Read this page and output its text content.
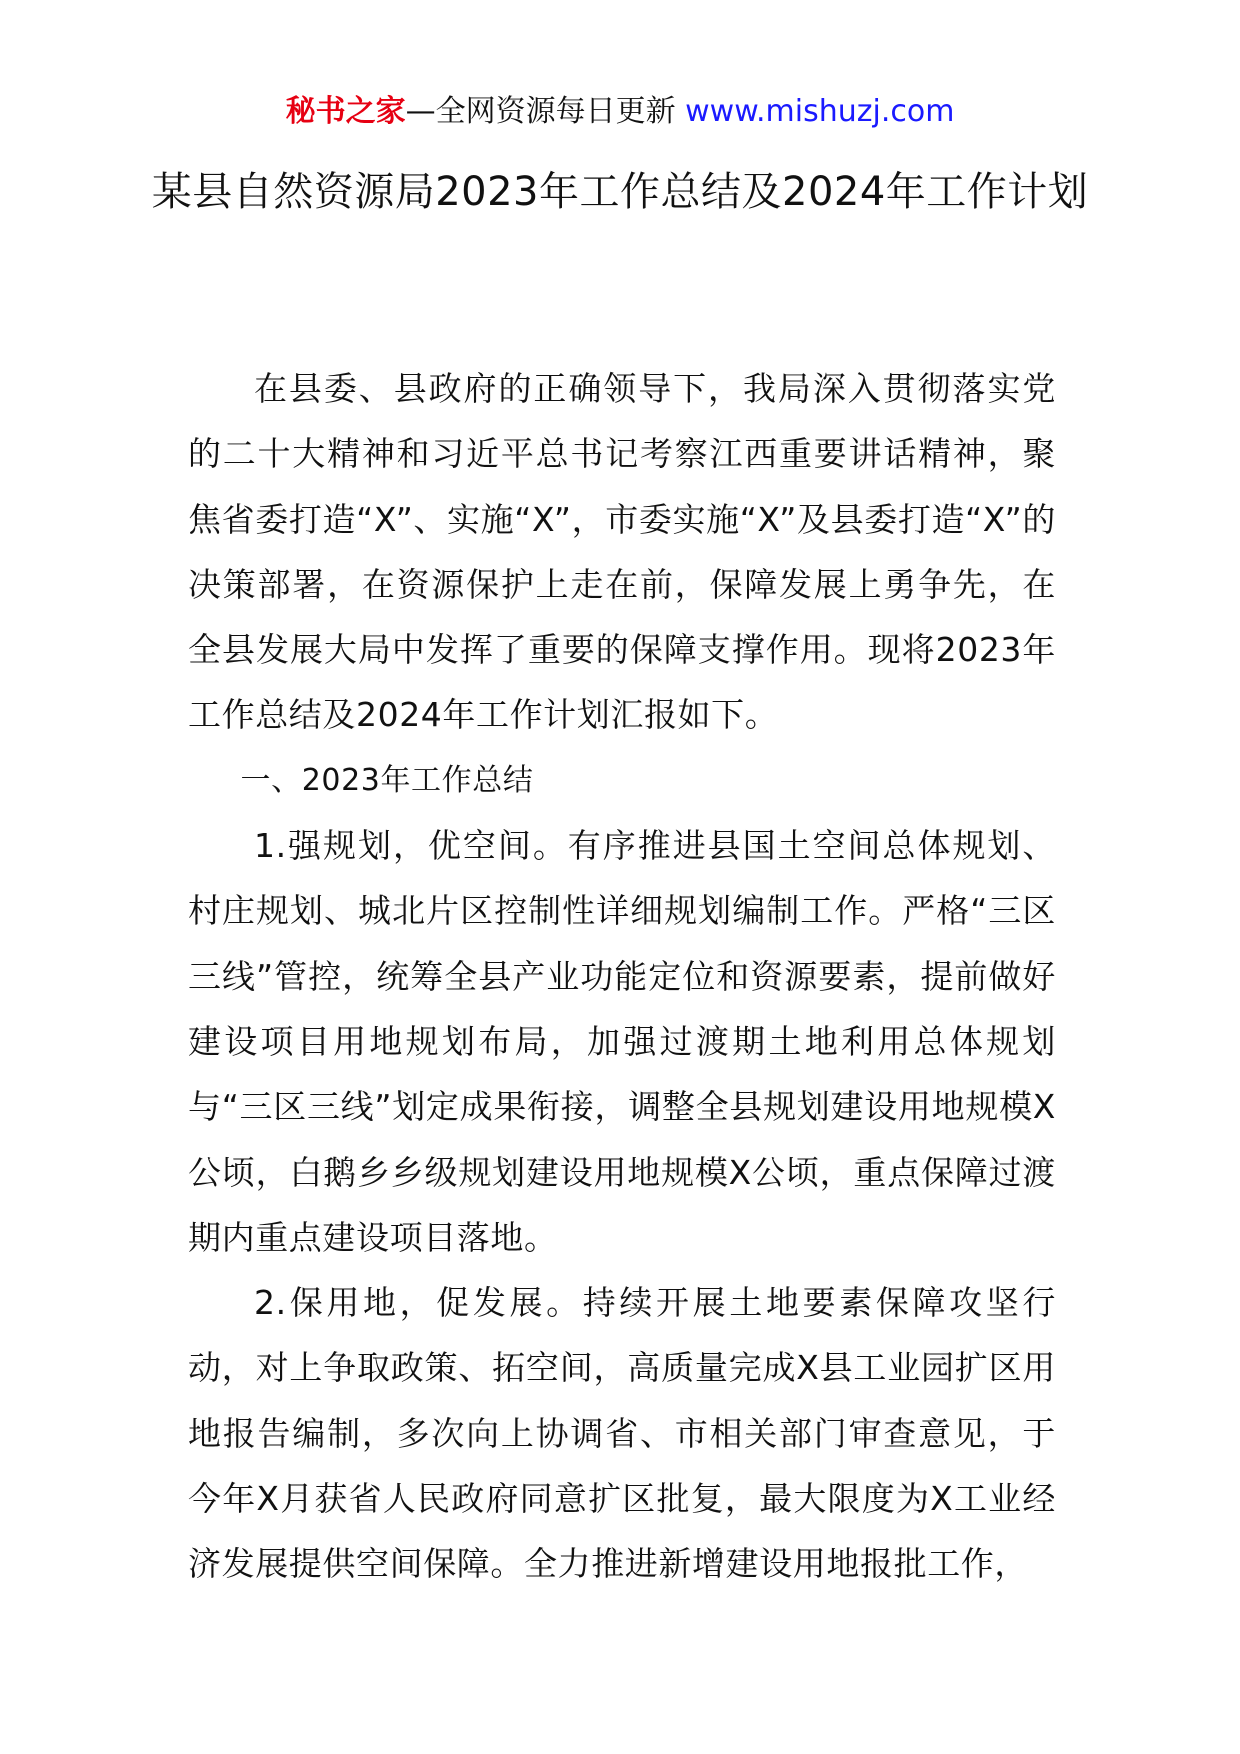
秘书之家—全网资源每日更新 www.mishuzj.com
某县自然资源局2023年工作总结及2024年工作计划

在县委、县政府的正确领导下，我局深入贯彻落实党的二十大精神和习近平总书记考察江西重要讲话精神，聚焦省委打造“X”、实施“X”，市委实施“X”及县委打造“X”的决策部署，在资源保护上走在前，保障发展上勇争先，在全县发展大局中发挥了重要的保障支撑作用。现将2023年工作总结及2024年工作计划汇报如下。

一、2023年工作总结

1.强规划，优空间。有序推进县国土空间总体规划、村庄规划、城北片区控制性详细规划编制工作。严格“三区三线”管控，统筹全县产业功能定位和资源要素，提前做好建设项目用地规划布局，加强过渡期土地利用总体规划与“三区三线”划定成果衔接，调整全县规划建设用地规模X公顷，白鹅乡乡级规划建设用地规模X公顷，重点保障过渡期内重点建设项目落地。

2.保用地，促发展。持续开展土地要素保障攻坚行动，对上争取政策、拓空间，高质量完成X县工业园扩区用地报告编制，多次向上协调省、市相关部门审查意见，于今年X月获省人民政府同意扩区批复，最大限度为X工业经济发展提供空间保障。全力推进新增建设用地报批工作，
